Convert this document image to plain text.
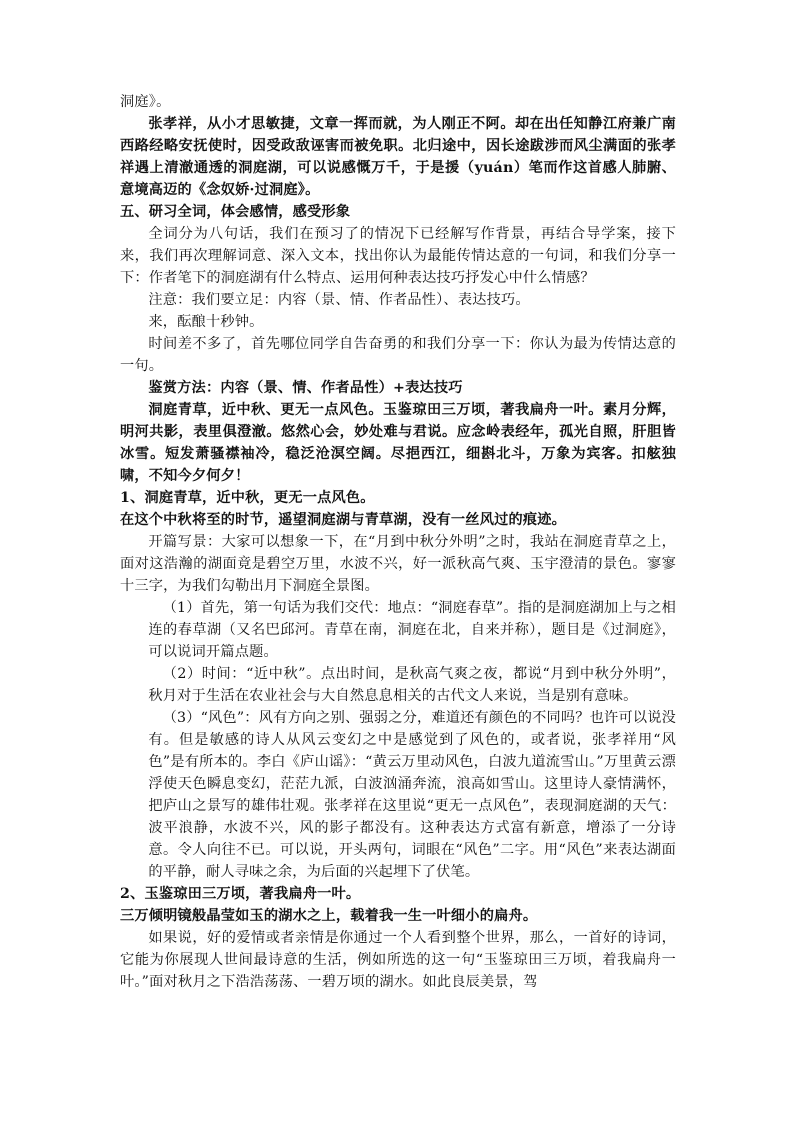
洞庭》。

张孝祥，从小才思敏捷，文章一挥而就，为人刚正不阿。却在出任知静江府兼广南西路经略安抚使时，因受政敌诬害而被免职。北归途中，因长途跋涉而风尘满面的张孝祥遇上清澈通透的洞庭湖，可以说感慨万千，于是援（yuán）笔而作这首感人肺腑、意境高迈的《念奴娇·过洞庭》。

五、研习全词，体会感情，感受形象

全词分为八句话，我们在预习了的情况下已经解写作背景，再结合导学案，接下来，我们再次理解词意、深入文本，找出你认为最能传情达意的一句词，和我们分享一下：作者笔下的洞庭湖有什么特点、运用何种表达技巧抒发心中什么情感？

注意：我们要立足：内容（景、情、作者品性）、表达技巧。

来，酝酿十秒钟。

时间差不多了，首先哪位同学自告奋勇的和我们分享一下：你认为最为传情达意的一句。

鉴赏方法：内容（景、情、作者品性）+表达技巧

洞庭青草，近中秋、更无一点风色。玉鉴琼田三万顷，著我扁舟一叶。素月分辉，明河共影，表里俱澄澈。悠然心会，妙处难与君说。应念岭表经年，孤光自照，肝胆皆冰雪。短发萧骚襟袖冷，稳泛沧溟空阔。尽挹西江，细斟北斗，万象为宾客。扣舷独啸，不知今夕何夕！

1、洞庭青草，近中秋，更无一点风色。

在这个中秋将至的时节，遥望洞庭湖与青草湖，没有一丝风过的痕迹。

开篇写景：大家可以想象一下，在“月到中秋分外明”之时，我站在洞庭青草之上，面对这浩瀚的湖面竟是碧空万里，水波不兴，好一派秋高气爽、玉宇澄清的景色。寥寥十三字，为我们勾勒出月下洞庭全景图。

（1）首先，第一句话为我们交代：地点：“洞庭春草”。指的是洞庭湖加上与之相连的春草湖（又名巴邱河。青草在南，洞庭在北，自来并称），题目是《过洞庭》，可以说词开篇点题。

（2）时间：“近中秋”。点出时间，是秋高气爽之夜，都说“月到中秋分外明”，秋月对于生活在农业社会与大自然息息相关的古代文人来说，当是别有意味。

（3）“风色”：风有方向之别、强弱之分，难道还有颜色的不同吗？也许可以说没有。但是敏感的诗人从风云变幻之中是感觉到了风色的，或者说，张孝祥用“风色”是有所本的。李白《庐山谣》：“黄云万里动风色，白波九道流雪山。”万里黄云漂浮使天色瞬息变幻，茫茫九派，白波汹涌奔流，浪高如雪山。这里诗人豪情满怀，把庐山之景写的雄伟壮观。张孝祥在这里说“更无一点风色”，表现洞庭湖的天气：波平浪静，水波不兴，风的影子都没有。这种表达方式富有新意，增添了一分诗意。令人向往不已。可以说，开头两句，词眼在“风色”二字。用“风色”来表达湖面的平静，耐人寻味之余，为后面的兴起埋下了伏笔。

2、玉鉴琼田三万顷，著我扁舟一叶。

三万倾明镜般晶莹如玉的湖水之上，载着我一生一叶细小的扁舟。

如果说，好的爱情或者亲情是你通过一个人看到整个世界，那么，一首好的诗词，它能为你展现人世间最诗意的生活，例如所选的这一句“玉鉴琼田三万顷，着我扁舟一叶。”面对秋月之下浩浩荡荡、一碧万顷的湖水。如此良辰美景，驾
